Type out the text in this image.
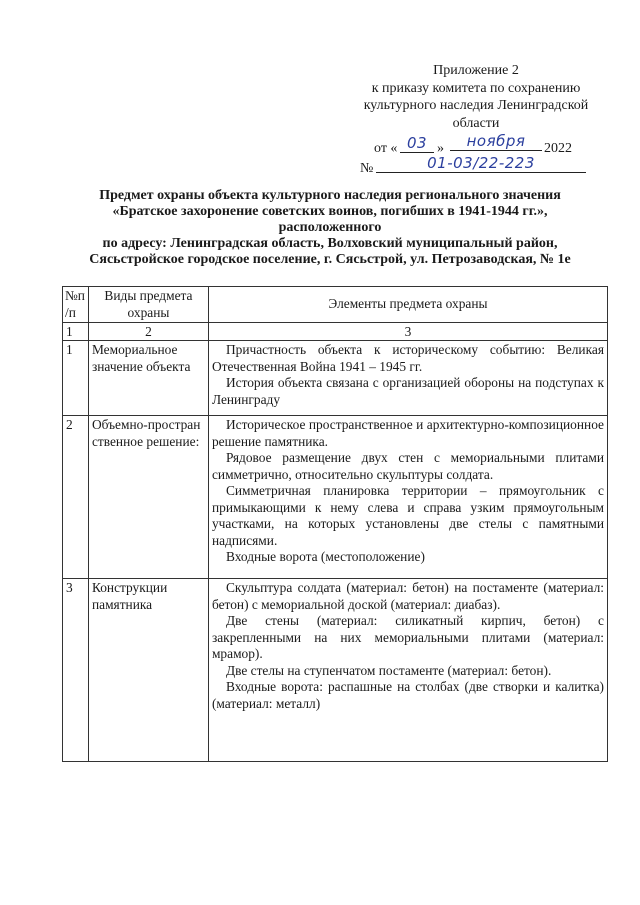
Приложение 2
к приказу комитета по сохранению
культурного наследия Ленинградской
области
от « 03 »	ноября	2022
№	01-03/22-223
Предмет охраны объекта культурного наследия регионального значения
«Братское захоронение советских воинов, погибших в 1941-1944 гг.»,
расположенного
по адресу: Ленинградская область, Волховский муниципальный район,
Сясьстройское городское поселение, г. Сясьстрой, ул. Петрозаводская, № 1е
№п /п	Виды предмета охраны	Элементы предмета охраны
1	2	3
1	Мемориальное значение объекта	Причастность объекта к историческому событию: Великая Отечественная Война 1941 – 1945 гг.

История объекта связана с организацией обороны на подступах к Ленинграду

2	Объемно-пространственное решение:	Историческое пространственное и архитектурно-композиционное решение памятника.

Рядовое размещение двух стен с мемориальными плитами симметрично, относительно скульптуры солдата.

Симметричная планировка территории – прямоугольник с примыкающими к нему слева и справа узким прямоугольным участками, на которых установлены две стелы с памятными надписями.

Входные ворота (местоположение)

3	Конструкции памятника	Скульптура солдата (материал: бетон) на постаменте (материал: бетон) с мемориальной доской (материал: диабаз).

Две стены (материал: силикатный кирпич, бетон) с закрепленными на них мемориальными плитами (материал: мрамор).

Две стелы на ступенчатом постаменте (материал: бетон).

Входные ворота: распашные на столбах (две створки и калитка) (материал: металл)
